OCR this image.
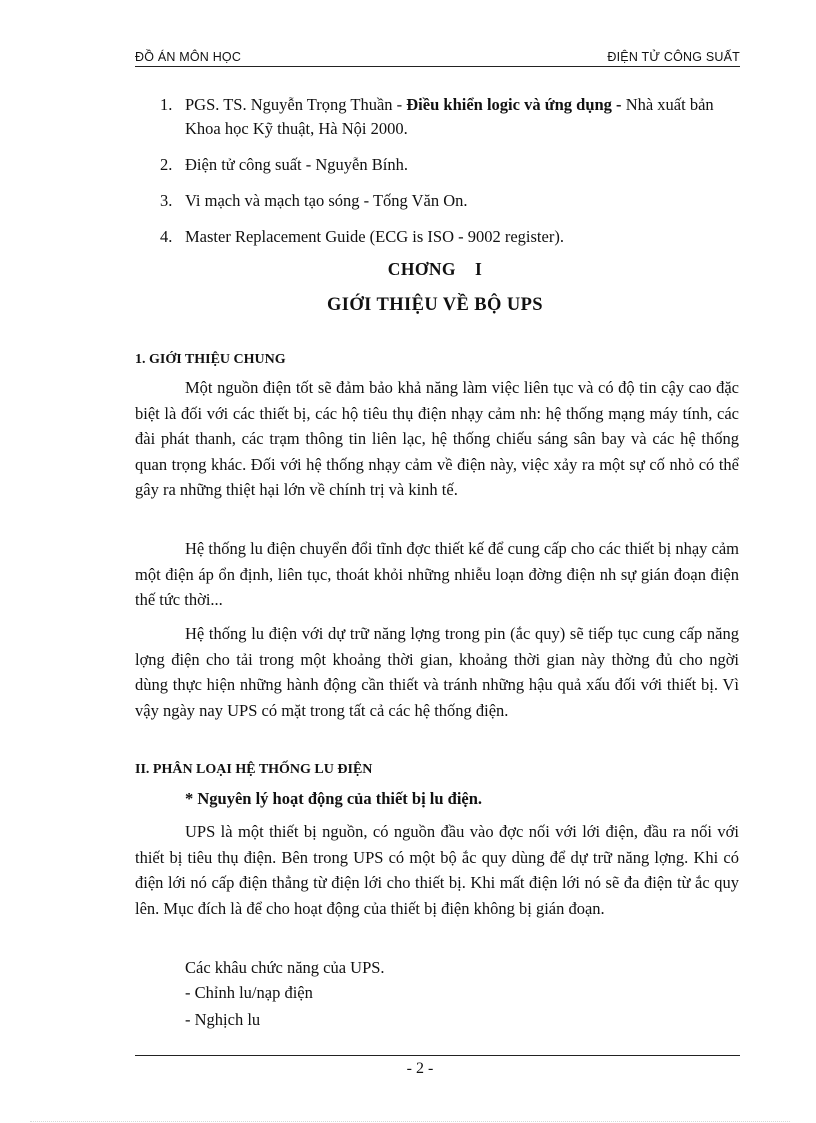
ĐỒ ÁN MÔN HỌC	ĐIỆN TỬ CÔNG SUẤT
1. PGS. TS. Nguyễn Trọng Thuần - Điều khiển logic và ứng dụng - Nhà xuất bản Khoa học Kỹ thuật, Hà Nội 2000.
2. Điện tử công suất - Nguyễn Bính.
3. Vi mạch và mạch tạo sóng - Tống Văn On.
4. Master Replacement Guide (ECG is ISO - 9002 register).
CHƠNG    I
GIỚI THIỆU VỀ BỘ UPS
1. GIỚI THIỆU CHUNG

Một nguồn điện tốt sẽ đảm bảo khả năng làm việc liên tục và có độ tin cậy cao đặc biệt là đối với các thiết bị, các hộ tiêu thụ điện nhạy cảm nh: hệ thống mạng máy tính, các đài phát thanh, các trạm thông tin liên lạc, hệ thống chiếu sáng sân bay và các hệ thống quan trọng khác. Đối với hệ thống nhạy cảm về điện này, việc xảy ra một sự cố nhỏ có thể gây ra những thiệt hại lớn về chính trị và kinh tế.

Hệ thống lu điện chuyển đổi tĩnh đợc thiết kế để cung cấp cho các thiết bị nhạy cảm một điện áp ổn định, liên tục, thoát khỏi những nhiễu loạn đờng điện nh sự gián đoạn điện thế tức thời...

Hệ thống lu điện với dự trữ năng lợng trong pin (ắc quy) sẽ tiếp tục cung cấp năng lợng điện cho tải trong một khoảng thời gian, khoảng thời gian này thờng đủ cho ngời dùng thực hiện những hành động cần thiết và tránh những hậu quả xấu đối với thiết bị. Vì vậy ngày nay UPS có mặt trong tất cả các hệ thống điện.

II. PHÂN LOẠI HỆ THỐNG LU ĐIỆN
* Nguyên lý hoạt động của thiết bị lu điện.

UPS là một thiết bị nguồn, có nguồn đầu vào đợc nối với lới điện, đầu ra nối với thiết bị tiêu thụ điện. Bên trong UPS có một bộ ắc quy dùng để dự trữ năng lợng. Khi có điện lới nó cấp điện thẳng từ điện lới cho thiết bị. Khi mất điện lới nó sẽ đa điện từ ắc quy lên. Mục đích là để cho hoạt động của thiết bị điện không bị gián đoạn.

Các khâu chức năng của UPS.
- Chỉnh lu/nạp điện
- Nghịch lu
- 2 -
